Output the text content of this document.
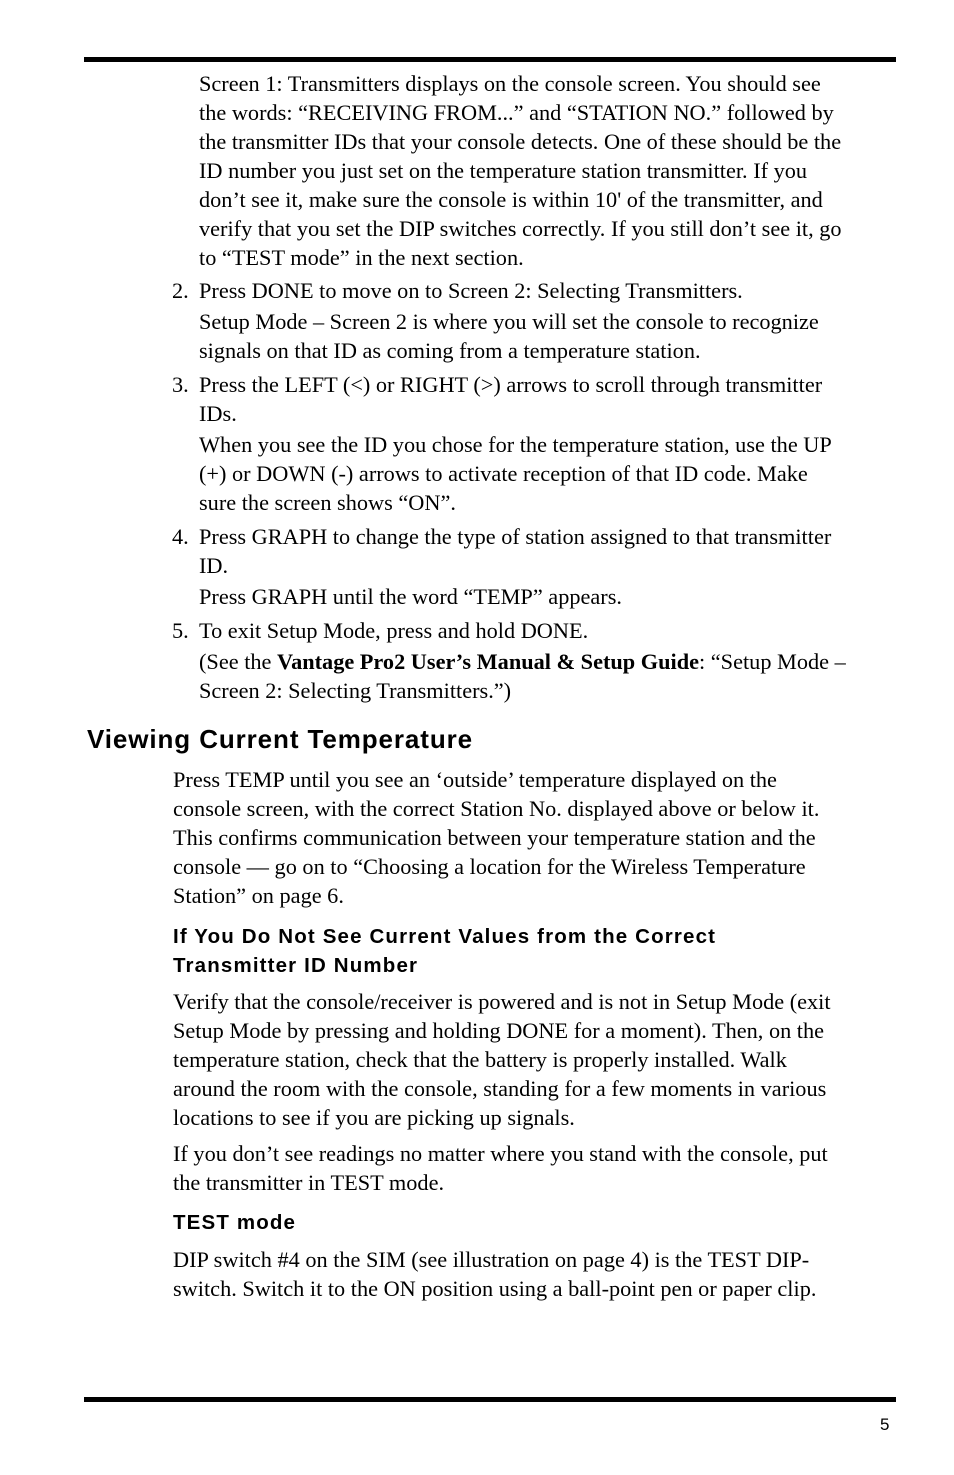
Screen 1: Transmitters displays on the console screen. You should see
the words: “RECEIVING FROM...” and “STATION NO.” followed by
the transmitter IDs that your console detects. One of these should be the
ID number you just set on the temperature station transmitter. If you
don’t see it, make sure the console is within 10' of the transmitter, and
verify that you set the DIP switches correctly. If you still don’t see it, go
to “TEST mode” in the next section.
2. Press DONE to move on to Screen 2: Selecting Transmitters.
Setup Mode – Screen 2 is where you will set the console to recognize
signals on that ID as coming from a temperature station.
3. Press the LEFT (<) or RIGHT (>) arrows to scroll through transmitter
IDs.
When you see the ID you chose for the temperature station, use the UP
(+) or DOWN (-) arrows to activate reception of that ID code. Make
sure the screen shows “ON”.
4. Press GRAPH to change the type of station assigned to that transmitter
ID.
Press GRAPH until the word “TEMP” appears.
5. To exit Setup Mode, press and hold DONE.
(See the Vantage Pro2 User’s Manual & Setup Guide: “Setup Mode –
Screen 2: Selecting Transmitters.”)
Viewing Current Temperature
Press TEMP until you see an ‘outside’ temperature displayed on the
console screen, with the correct Station No. displayed above or below it.
This confirms communication between your temperature station and the
console — go on to “Choosing a location for the Wireless Temperature
Station” on page 6.
If You Do Not See Current Values from the Correct
Transmitter ID Number
Verify that the console/receiver is powered and is not in Setup Mode (exit
Setup Mode by pressing and holding DONE for a moment). Then, on the
temperature station, check that the battery is properly installed. Walk
around the room with the console, standing for a few moments in various
locations to see if you are picking up signals.
If you don’t see readings no matter where you stand with the console, put
the transmitter in TEST mode.
TEST mode
DIP switch #4 on the SIM (see illustration on page 4) is the TEST DIP-
switch. Switch it to the ON position using a ball-point pen or paper clip.

5
